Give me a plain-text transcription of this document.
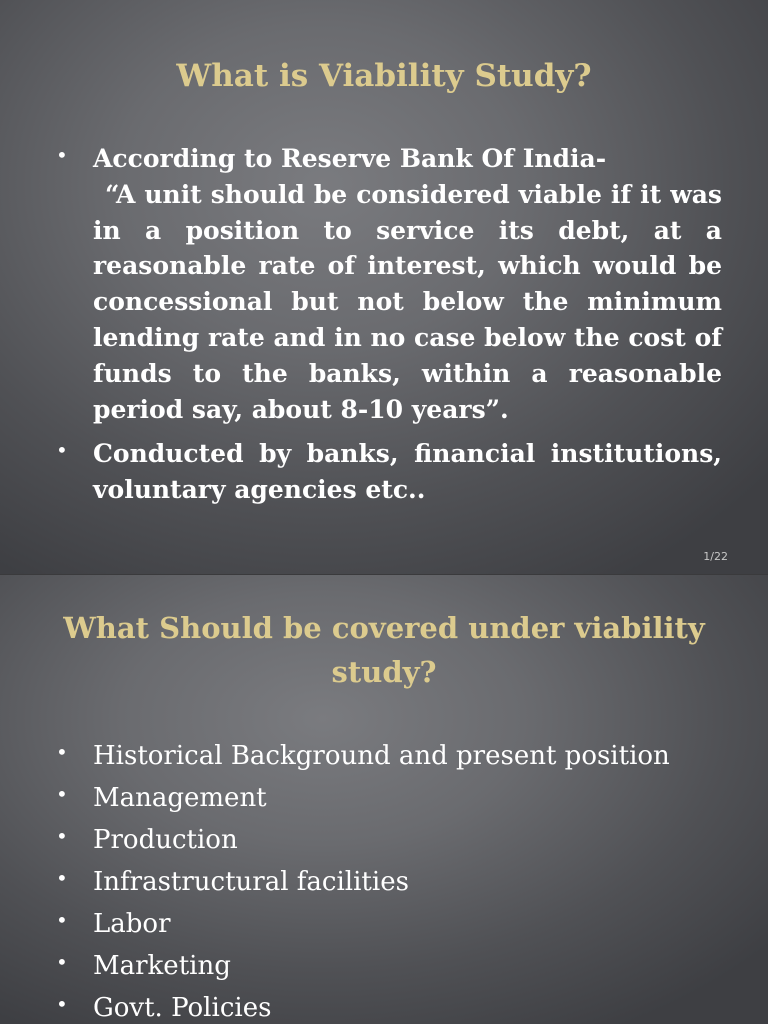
What is Viability Study?
• According to Reserve Bank Of India-
“A unit should be considered viable if it was in a position to service its debt, at a reasonable rate of interest, which would be concessional but not below the minimum lending rate and in no case below the cost of funds to the banks, within a reasonable period say, about 8-10 years”.
• Conducted by banks, financial institutions, voluntary agencies etc..
1/22
What Should be covered under viability
study?
• Historical Background and present position
• Management
• Production
• Infrastructural facilities
• Labor
• Marketing
• Govt. Policies
